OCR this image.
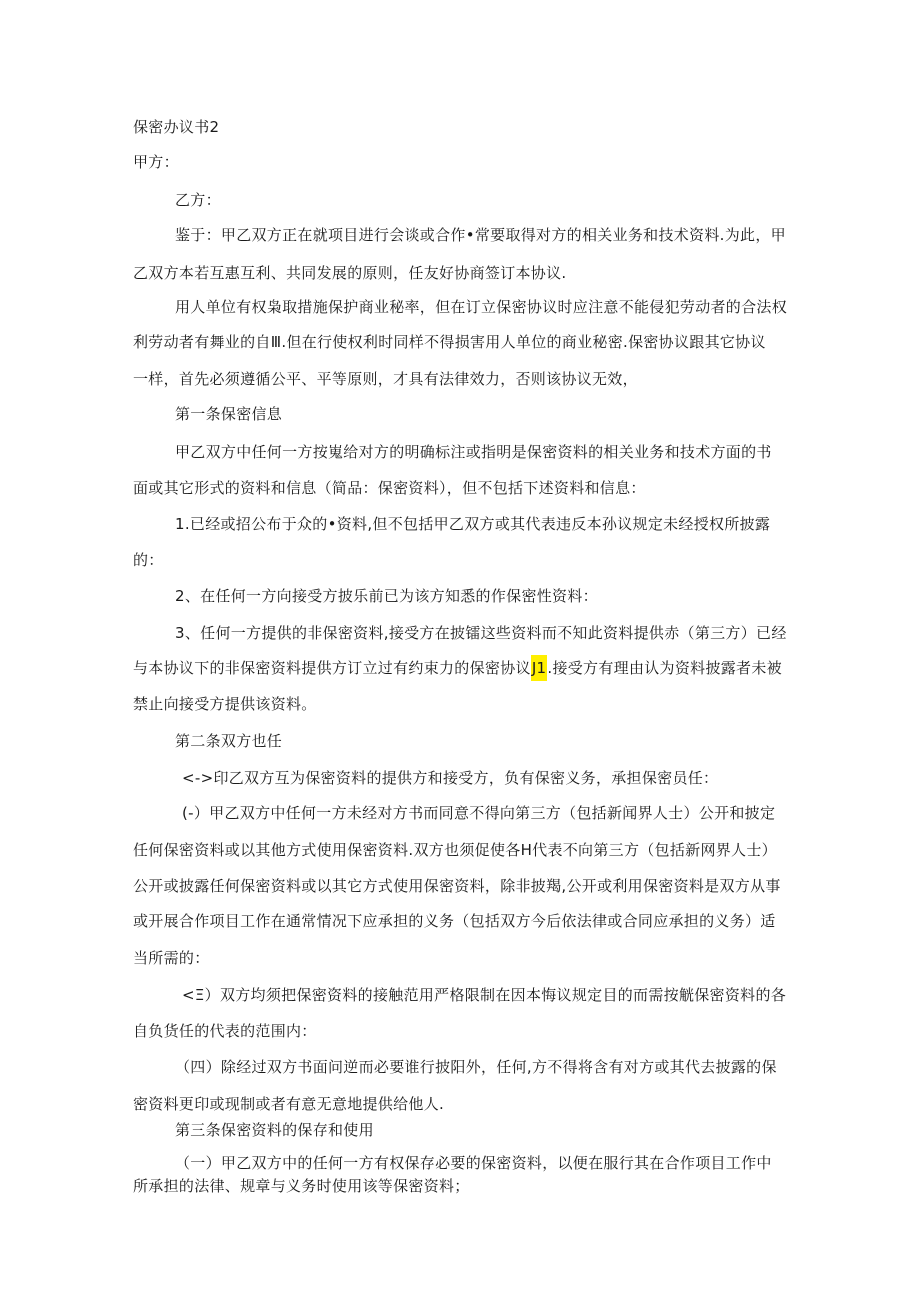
保密办议书2
甲方：
乙方：
鉴于：甲乙双方正在就项目进行会谈或合作•常要取得对方的相关业务和技术资料.为此，甲
乙双方本若互惠互利、共同发展的原则，任友好协商签订本协议.
用人单位有权枭取措施保护商业秘率，但在订立保密协议时应注意不能侵犯劳动者的合法权
利劳动者有舞业的自Ⅲ.但在行使权利时同样不得损害用人单位的商业秘密.保密协议跟其它协议
一样，首先必须遵循公平、平等原则，才具有法律效力，否则该协议无效，
第一条保密信息
甲乙双方中任何一方按嵬给对方的明确标注或指明是保密资料的相关业务和技术方面的书
面或其它形式的资料和信息（简品：保密资料），但不包括下述资料和信息：
1.已经或招公布于众的•资料,但不包括甲乙双方或其代表违反本孙议规定未经授权所披露
的：
2、在任何一方向接受方披乐前已为该方知悉的作保密性资料：
3、任何一方提供的非保密资料,接受方在披镭这些资料而不知此资料提供赤（第三方）已经
与本协议下的非保密资料提供方订立过有约束力的保密协议J1.接受方有理由认为资料披露者未被
禁止向接受方提供该资料。
第二条双方也任
<->印乙双方互为保密资料的提供方和接受方，负有保密义务，承担保密员任：
(-）甲乙双方中任何一方未经对方书而同意不得向第三方（包括新闻界人士）公开和披定
任何保密资料或以其他方式使用保密资料.双方也须促使各H代表不向第三方（包括新网界人士）
公开或披露任何保密资料或以其它方式使用保密资料，除非披羯,公开或利用保密资料是双方从事
或开展合作项目工作在通常情况下应承担的义务（包括双方今后依法律或合同应承担的义务）适
当所需的：
<Ξ）双方均须把保密资料的接触范用严格限制在因本悔议规定目的而需按觥保密资料的各
自负货任的代表的范围内：
（四）除经过双方书面问逆而必要谁行披阳外，任何,方不得将含有对方或其代去披露的保
密资料更印或现制或者有意无意地提供给他人.
第三条保密资料的保存和使用
（一）甲乙双方中的任何一方有权保存必要的保密资料，以便在服行其在合作项目工作中
所承担的法律、规章与义务时使用该等保密资料；
